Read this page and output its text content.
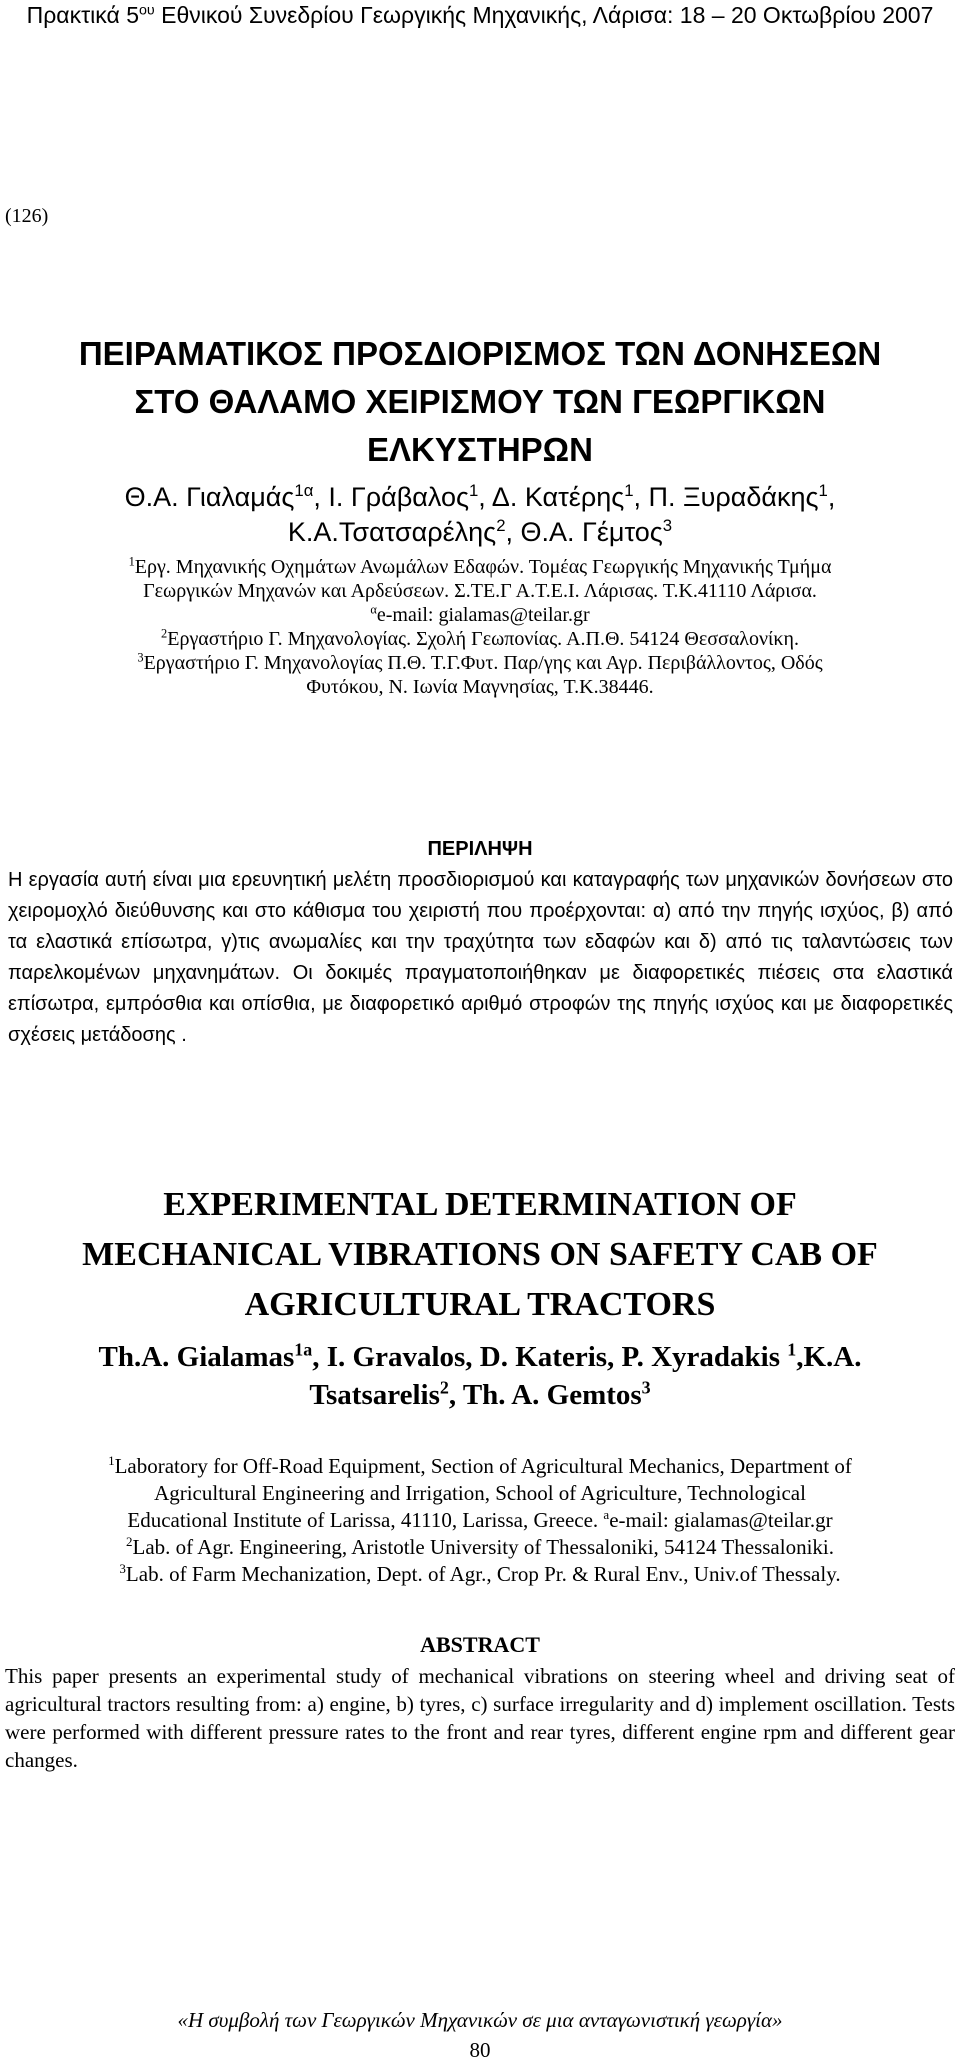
Πρακτικά $5^{o\upsilon}$ Εθνικού Συνεδρίου Γεωργικής Μηχανικής, Λάρισα: 18 – 20 Οκτωβρίου 2007
(126)
ΠΕΙΡΑΜΑΤΙΚΟΣ ΠΡΟΣΔΙΟΡΙΣΜΟΣ ΤΩΝ ΔΟΝΗΣΕΩΝ
ΣΤΟ ΘΑΛΑΜΟ ΧΕΙΡΙΣΜΟΥ ΤΩΝ ΓΕΩΡΓΙΚΩΝ
ΕΛΚΥΣΤΗΡΩΝ
Θ.Α. Γιαλαμάς$^{1\alpha}$, Ι. Γράβαλος$^1$, Δ. Κατέρης$^1$, Π. Ξυραδάκης$^1$,
Κ.Α.Τσατσαρέλης$^2$, Θ.Α. Γέμτος$^3$
$^1$Εργ. Μηχανικής Οχημάτων Ανωμάλων Εδαφών. Τομέας Γεωργικής Μηχανικής Τμήμα
Γεωργικών Μηχανών και Αρδεύσεων. Σ.ΤΕ.Γ Α.Τ.Ε.Ι. Λάρισας. Τ.Κ.41110 Λάρισα.
$^\alpha$e-mail: gialamas@teilar.gr
$^2$Εργαστήριο Γ. Μηχανολογίας. Σχολή Γεωπονίας. Α.Π.Θ. 54124 Θεσσαλονίκη.
$^3$Εργαστήριο Γ. Μηχανολογίας Π.Θ. Τ.Γ.Φυτ. Παρ/γης και Αγρ. Περιβάλλοντος, Οδός
Φυτόκου, Ν. Ιωνία Μαγνησίας, Τ.Κ.38446.
ΠΕΡΙΛΗΨΗ

Η εργασία αυτή είναι μια ερευνητική μελέτη προσδιορισμού και καταγραφής των μηχανικών δονήσεων στο χειρομοχλό διεύθυνσης και στο κάθισμα του χειριστή που προέρχονται: α) από την πηγής ισχύος, β) από τα ελαστικά επίσωτρα, γ)τις ανωμαλίες και την τραχύτητα των εδαφών και δ) από τις ταλαντώσεις των παρελκομένων μηχανημάτων. Οι δοκιμές πραγματοποιήθηκαν με διαφορετικές πιέσεις στα ελαστικά επίσωτρα, εμπρόσθια και οπίσθια, με διαφορετικό αριθμό στροφών της πηγής ισχύος και με διαφορετικές σχέσεις μετάδοσης .

EXPERIMENTAL DETERMINATION OF
MECHANICAL VIBRATIONS ON SAFETY CAB OF
AGRICULTURAL TRACTORS
Th.A. Gialamas$^{1a}$, I. Gravalos, D. Kateris, P. Xyradakis $^1$,K.A.
Tsatsarelis$^2$, Th. A. Gemtos$^3$
$^1$Laboratory for Off-Road Equipment, Section of Agricultural Mechanics, Department of
Agricultural Engineering and Irrigation, School of Agriculture, Technological
Educational Institute of Larissa, 41110, Larissa, Greece. $^a$e-mail: gialamas@teilar.gr
$^2$Lab. of Agr. Engineering, Aristotle University of Thessaloniki, 54124 Thessaloniki.
$^3$Lab. of Farm Mechanization, Dept. of Agr., Crop Pr. & Rural Env., Univ.of Thessaly.
ABSTRACT

This paper presents an experimental study of mechanical vibrations on steering wheel and driving seat of agricultural tractors resulting from: a) engine, b) tyres, c) surface irregularity and d) implement oscillation. Tests were performed with different pressure rates to the front and rear tyres, different engine rpm and different gear changes.

«Η συμβολή των Γεωργικών Μηχανικών σε μια ανταγωνιστική γεωργία»
80
